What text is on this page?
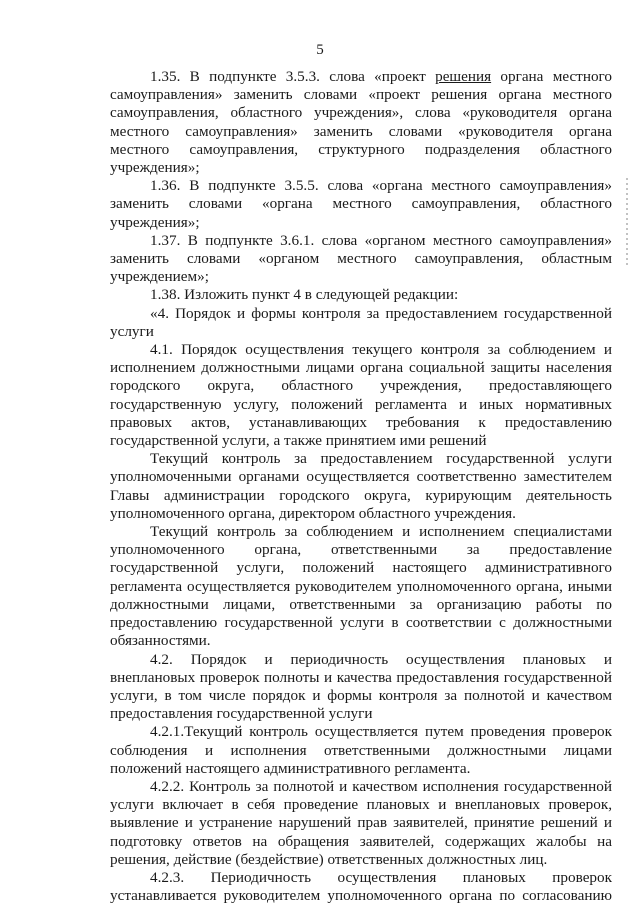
5

1.35. В подпункте 3.5.3. слова «проект решения органа местного самоуправления» заменить словами «проект решения органа местного самоуправления, областного учреждения», слова «руководителя органа местного самоуправления» заменить словами «руководителя органа местного самоуправления, структурного подразделения областного учреждения»;

1.36. В подпункте 3.5.5. слова «органа местного самоуправления» заменить словами «органа местного самоуправления, областного учреждения»;

1.37. В подпункте 3.6.1. слова «органом местного самоуправления» заменить словами «органом местного самоуправления, областным учреждением»;

1.38. Изложить пункт 4 в следующей редакции:

«4. Порядок и формы контроля за предоставлением государственной услуги

4.1. Порядок осуществления текущего контроля за соблюдением и исполнением должностными лицами органа социальной защиты населения городского округа, областного учреждения, предоставляющего государственную услугу, положений регламента и иных нормативных правовых актов, устанавливающих требования к предоставлению государственной услуги, а также принятием ими решений

Текущий контроль за предоставлением государственной услуги уполномоченными органами осуществляется соответственно заместителем Главы администрации городского округа, курирующим деятельность уполномоченного органа, директором областного учреждения.

Текущий контроль за соблюдением и исполнением специалистами уполномоченного органа, ответственными за предоставление государственной услуги, положений настоящего административного регламента осуществляется руководителем уполномоченного органа, иными должностными лицами, ответственными за организацию работы по предоставлению государственной услуги в соответствии с должностными обязанностями.

4.2. Порядок и периодичность осуществления плановых и внеплановых проверок полноты и качества предоставления государственной услуги, в том числе порядок и формы контроля за полнотой и качеством предоставления государственной услуги

4.2.1.Текущий контроль осуществляется путем проведения проверок соблюдения и исполнения ответственными должностными лицами положений настоящего административного регламента.

4.2.2. Контроль за полнотой и качеством исполнения государственной услуги включает в себя проведение плановых и внеплановых проверок, выявление и устранение нарушений прав заявителей, принятие решений и подготовку ответов на обращения заявителей, содержащих жалобы на решения, действие (бездействие) ответственных должностных лиц.

4.2.3. Периодичность осуществления плановых проверок устанавливается руководителем уполномоченного органа по согласованию
